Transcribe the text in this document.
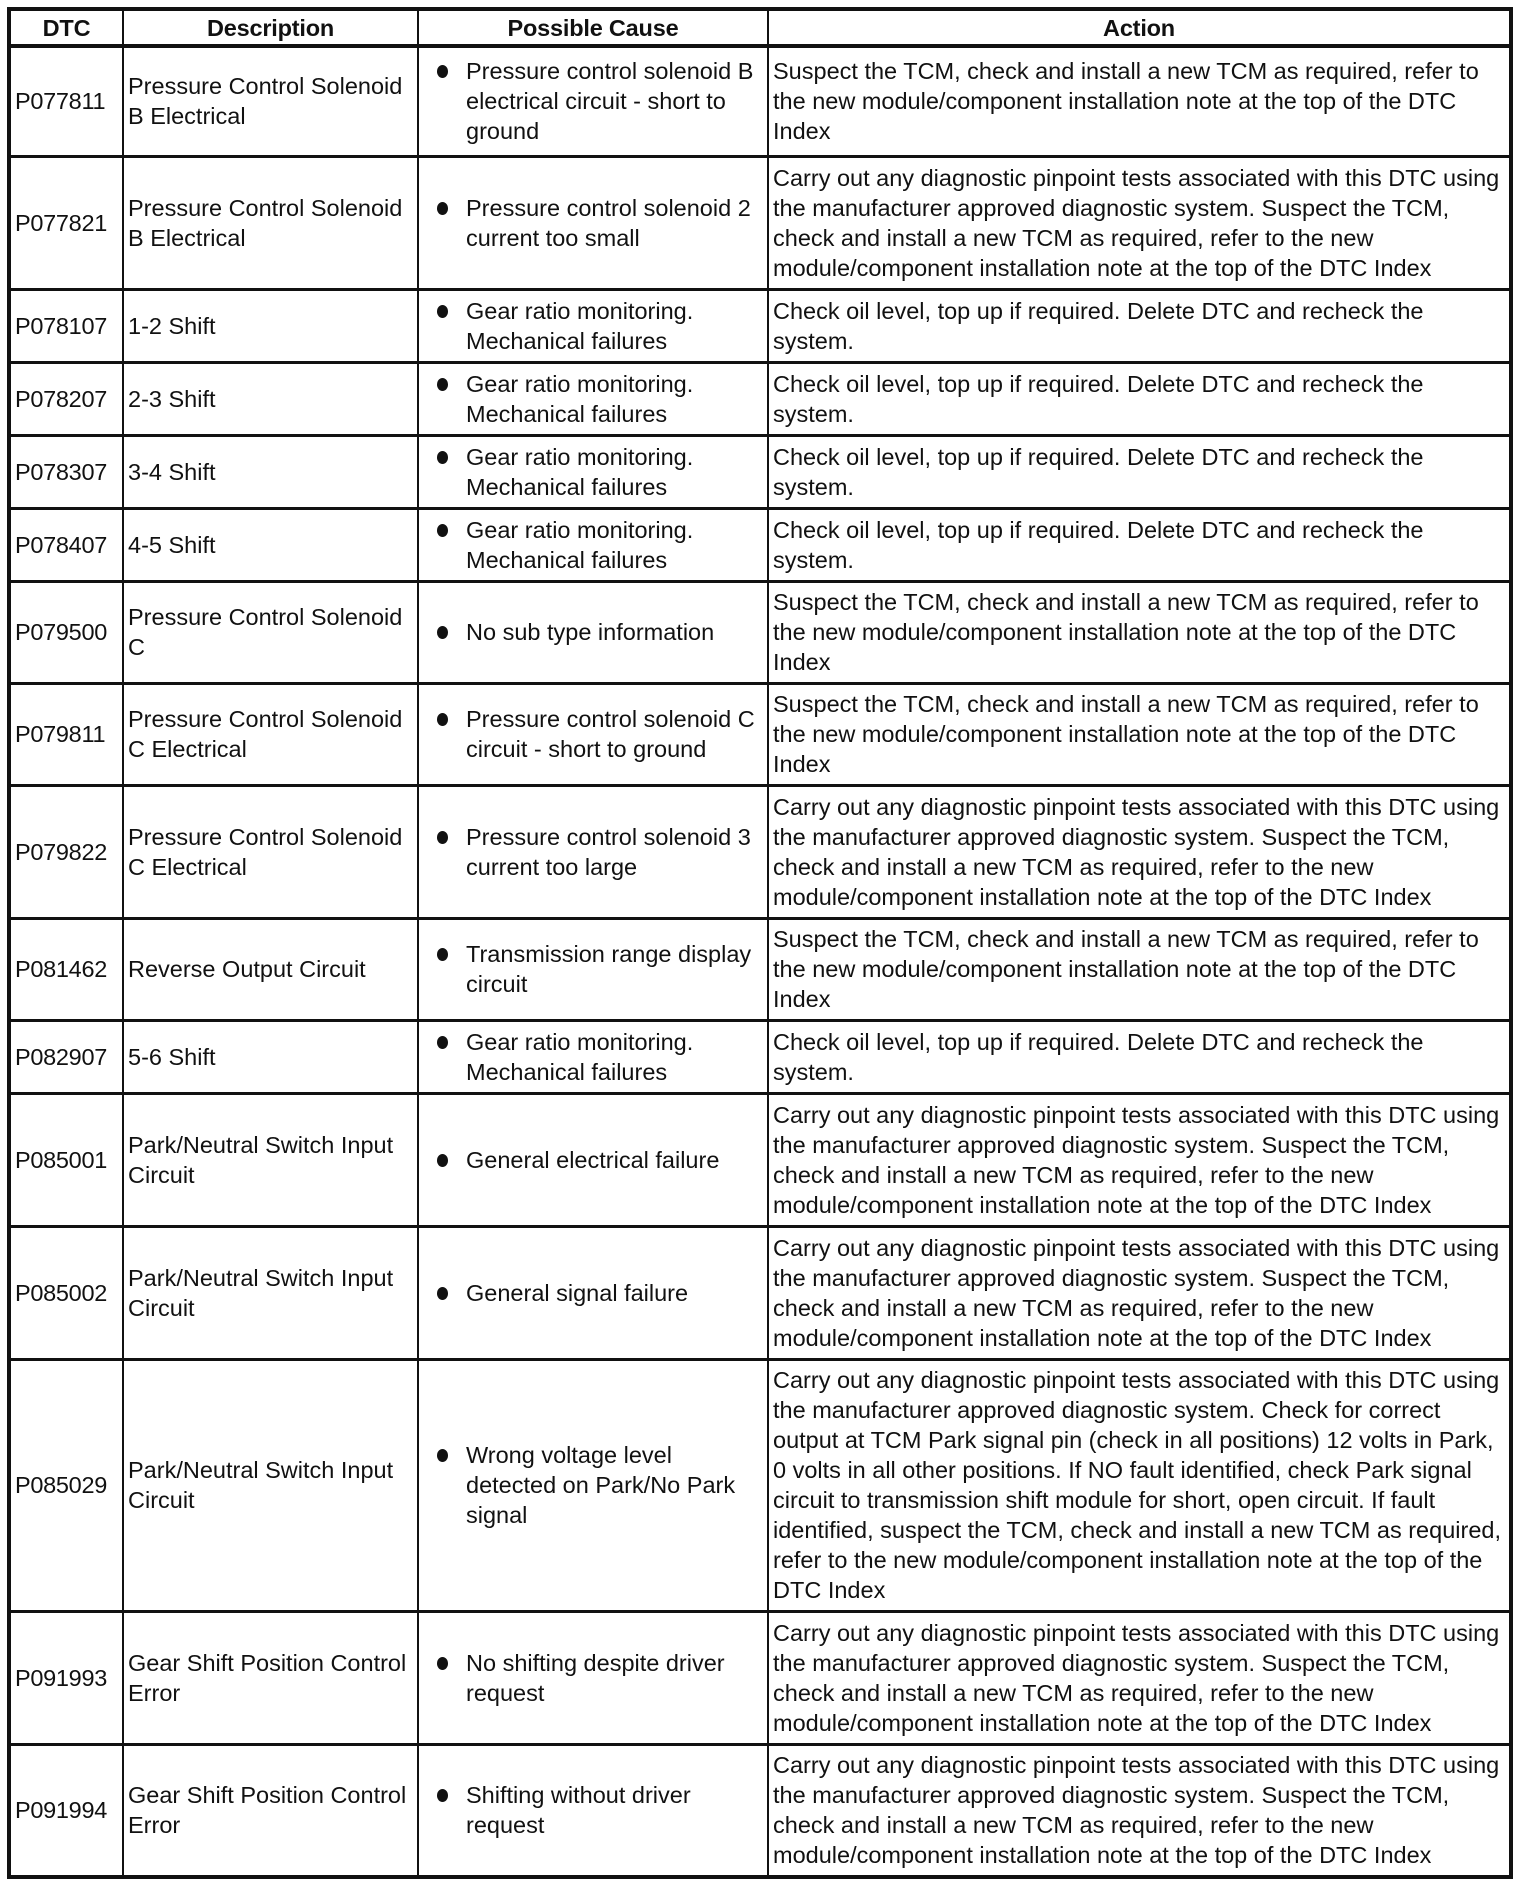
DTC	Description	Possible Cause	Action
P077811	Pressure Control Solenoid B Electrical	Pressure control solenoid B electrical circuit - short to ground	Suspect the TCM, check and install a new TCM as required, refer to the new module/component installation note at the top of the DTC Index
P077821	Pressure Control Solenoid B Electrical	Pressure control solenoid 2 current too small	Carry out any diagnostic pinpoint tests associated with this DTC using the manufacturer approved diagnostic system. Suspect the TCM, check and install a new TCM as required, refer to the new module/component installation note at the top of the DTC Index
P078107	1-2 Shift	Gear ratio monitoring. Mechanical failures	Check oil level, top up if required. Delete DTC and recheck the system.
P078207	2-3 Shift	Gear ratio monitoring. Mechanical failures	Check oil level, top up if required. Delete DTC and recheck the system.
P078307	3-4 Shift	Gear ratio monitoring. Mechanical failures	Check oil level, top up if required. Delete DTC and recheck the system.
P078407	4-5 Shift	Gear ratio monitoring. Mechanical failures	Check oil level, top up if required. Delete DTC and recheck the system.
P079500	Pressure Control Solenoid C	No sub type information	Suspect the TCM, check and install a new TCM as required, refer to the new module/component installation note at the top of the DTC Index
P079811	Pressure Control Solenoid C Electrical	Pressure control solenoid C circuit - short to ground	Suspect the TCM, check and install a new TCM as required, refer to the new module/component installation note at the top of the DTC Index
P079822	Pressure Control Solenoid C Electrical	Pressure control solenoid 3 current too large	Carry out any diagnostic pinpoint tests associated with this DTC using the manufacturer approved diagnostic system. Suspect the TCM, check and install a new TCM as required, refer to the new module/component installation note at the top of the DTC Index
P081462	Reverse Output Circuit	Transmission range display circuit	Suspect the TCM, check and install a new TCM as required, refer to the new module/component installation note at the top of the DTC Index
P082907	5-6 Shift	Gear ratio monitoring. Mechanical failures	Check oil level, top up if required. Delete DTC and recheck the system.
P085001	Park/Neutral Switch Input Circuit	General electrical failure	Carry out any diagnostic pinpoint tests associated with this DTC using the manufacturer approved diagnostic system. Suspect the TCM, check and install a new TCM as required, refer to the new module/component installation note at the top of the DTC Index
P085002	Park/Neutral Switch Input Circuit	General signal failure	Carry out any diagnostic pinpoint tests associated with this DTC using the manufacturer approved diagnostic system. Suspect the TCM, check and install a new TCM as required, refer to the new module/component installation note at the top of the DTC Index
P085029	Park/Neutral Switch Input Circuit	Wrong voltage level detected on Park/No Park signal	Carry out any diagnostic pinpoint tests associated with this DTC using the manufacturer approved diagnostic system. Check for correct output at TCM Park signal pin (check in all positions) 12 volts in Park, 0 volts in all other positions. If NO fault identified, check Park signal circuit to transmission shift module for short, open circuit. If fault identified, suspect the TCM, check and install a new TCM as required, refer to the new module/component installation note at the top of the DTC Index
P091993	Gear Shift Position Control Error	No shifting despite driver request	Carry out any diagnostic pinpoint tests associated with this DTC using the manufacturer approved diagnostic system. Suspect the TCM, check and install a new TCM as required, refer to the new module/component installation note at the top of the DTC Index
P091994	Gear Shift Position Control Error	Shifting without driver request	Carry out any diagnostic pinpoint tests associated with this DTC using the manufacturer approved diagnostic system. Suspect the TCM, check and install a new TCM as required, refer to the new module/component installation note at the top of the DTC Index
